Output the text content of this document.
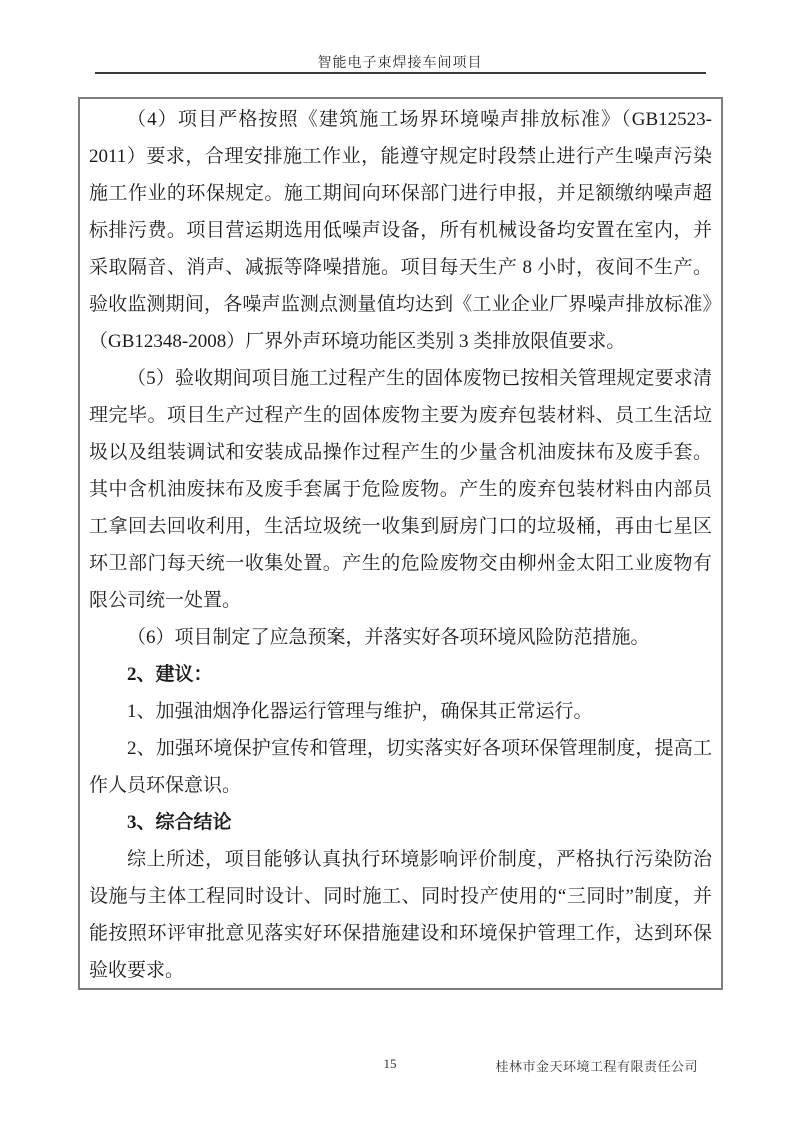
智能电子束焊接车间项目

（4）项目严格按照《建筑施工场界环境噪声排放标准》（GB12523-2011）要求，合理安排施工作业，能遵守规定时段禁止进行产生噪声污染施工作业的环保规定。施工期间向环保部门进行申报，并足额缴纳噪声超标排污费。项目营运期选用低噪声设备，所有机械设备均安置在室内，并采取隔音、消声、减振等降噪措施。项目每天生产 8 小时，夜间不生产。验收监测期间，各噪声监测点测量值均达到《工业企业厂界噪声排放标准》（GB12348-2008）厂界外声环境功能区类别 3 类排放限值要求。

（5）验收期间项目施工过程产生的固体废物已按相关管理规定要求清理完毕。项目生产过程产生的固体废物主要为废弃包装材料、员工生活垃圾以及组装调试和安装成品操作过程产生的少量含机油废抹布及废手套。其中含机油废抹布及废手套属于危险废物。产生的废弃包装材料由内部员工拿回去回收利用，生活垃圾统一收集到厨房门口的垃圾桶，再由七星区环卫部门每天统一收集处置。产生的危险废物交由柳州金太阳工业废物有限公司统一处置。

（6）项目制定了应急预案，并落实好各项环境风险防范措施。

2、建议：

1、加强油烟净化器运行管理与维护，确保其正常运行。

2、加强环境保护宣传和管理，切实落实好各项环保管理制度，提高工作人员环保意识。

3、综合结论

综上所述，项目能够认真执行环境影响评价制度，严格执行污染防治设施与主体工程同时设计、同时施工、同时投产使用的“三同时”制度，并能按照环评审批意见落实好环保措施建设和环境保护管理工作，达到环保验收要求。

15	桂林市金天环境工程有限责任公司
